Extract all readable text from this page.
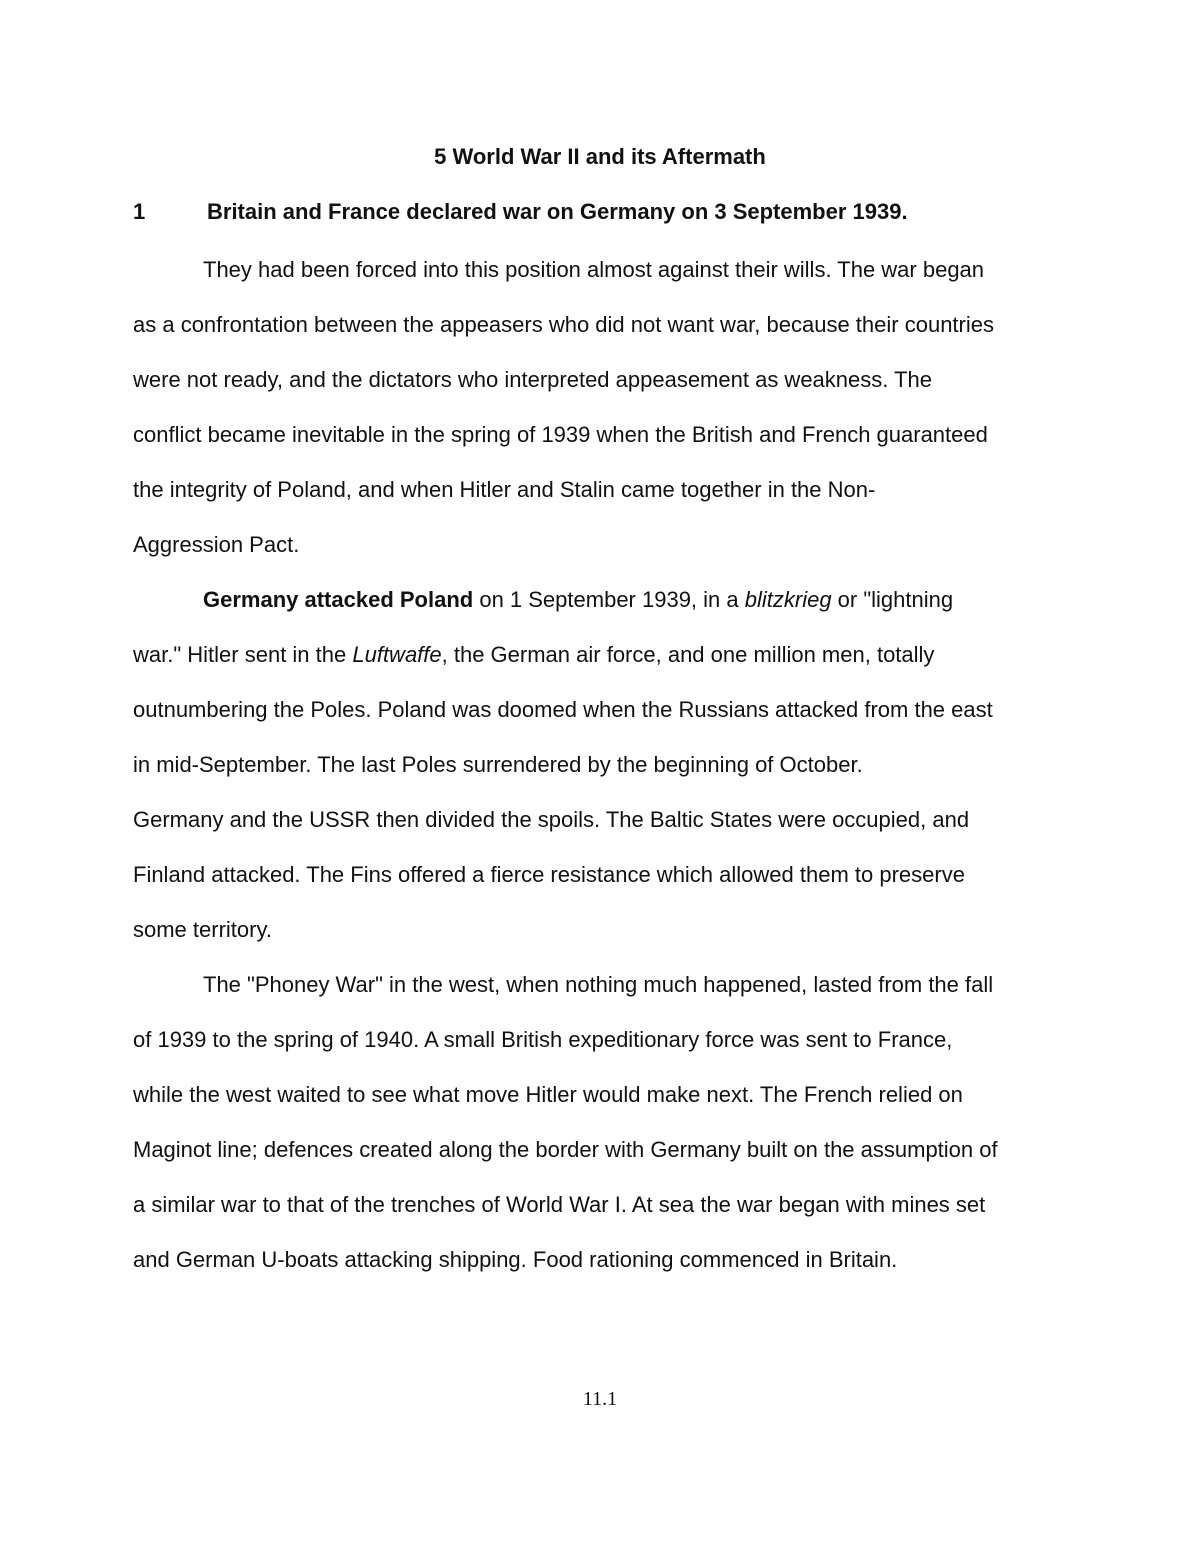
5 World War II and its Aftermath
1	Britain and France declared war on Germany on 3 September 1939.
They had been forced into this position almost against their wills. The war began
as a confrontation between the appeasers who did not want war, because their countries
were not ready, and the dictators who interpreted appeasement as weakness. The
conflict became inevitable in the spring of 1939 when the British and French guaranteed
the integrity of Poland, and when Hitler and Stalin came together in the Non-
Aggression Pact.
Germany attacked Poland on 1 September 1939, in a blitzkrieg or "lightning
war." Hitler sent in the Luftwaffe, the German air force, and one million men, totally
outnumbering the Poles. Poland was doomed when the Russians attacked from the east
in mid-September. The last Poles surrendered by the beginning of October.
Germany and the USSR then divided the spoils. The Baltic States were occupied, and
Finland attacked. The Fins offered a fierce resistance which allowed them to preserve
some territory.
The "Phoney War" in the west, when nothing much happened, lasted from the fall
of 1939 to the spring of 1940. A small British expeditionary force was sent to France,
while the west waited to see what move Hitler would make next. The French relied on
Maginot line; defences created along the border with Germany built on the assumption of
a similar war to that of the trenches of World War I. At sea the war began with mines set
and German U-boats attacking shipping. Food rationing commenced in Britain.
11.1
